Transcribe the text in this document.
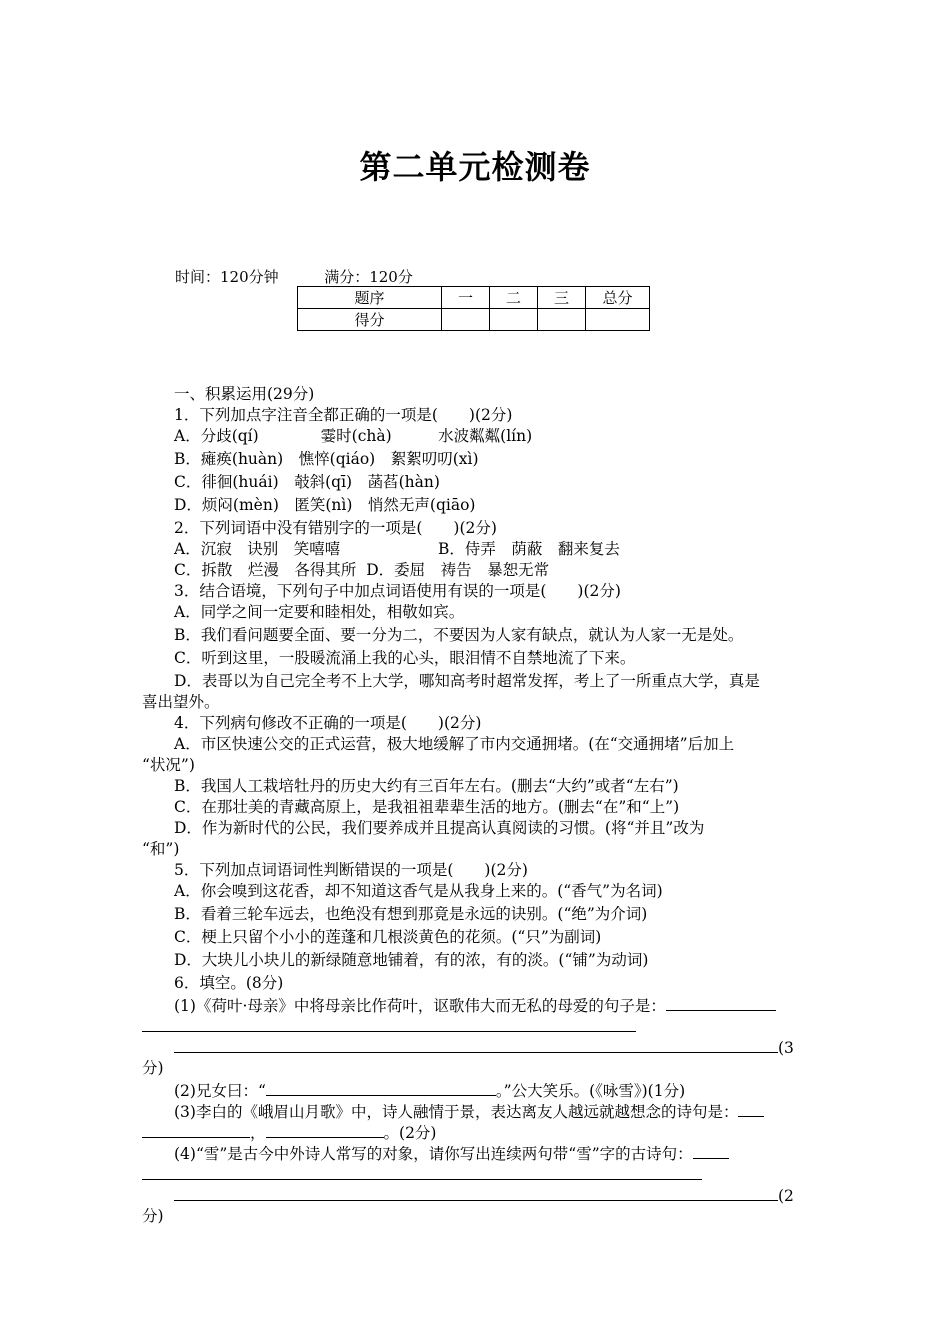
第二单元检测卷
时间：120分钟	满分：120分
题序	一	二	三	总分
得分				
一、积累运用(29分)
1．下列加点字注音全都正确的一项是(　　)(2分)
A．分歧(qí)　　　　霎时(chà)　　　水波粼粼(lín)
B．瘫痪(huàn)　憔悴(qiáo)　絮絮叨叨(xì)
C．徘徊(huái)　攲斜(qī)　菡萏(hàn)
D．烦闷(mèn)　匿笑(nì)　悄然无声(qiāo)
2．下列词语中没有错别字的一项是(　　)(2分)
A．沉寂　诀别　笑嘻嘻	B．侍弄　荫蔽　翻来复去
C．拆散　烂漫　各得其所 D．委屈　祷告　暴恕无常
3．结合语境，下列句子中加点词语使用有误的一项是(　　)(2分)
A．同学之间一定要和睦相处，相敬如宾。
B．我们看问题要全面、要一分为二，不要因为人家有缺点，就认为人家一无是处。
C．听到这里，一股暖流涌上我的心头，眼泪情不自禁地流了下来。
D．表哥以为自己完全考不上大学，哪知高考时超常发挥，考上了一所重点大学，真是
喜出望外。
4．下列病句修改不正确的一项是(　　)(2分)
A．市区快速公交的正式运营，极大地缓解了市内交通拥堵。(在“交通拥堵”后加上
“状况”)
B．我国人工栽培牡丹的历史大约有三百年左右。(删去“大约”或者“左右”)
C．在那壮美的青藏高原上，是我祖祖辈辈生活的地方。(删去“在”和“上”)
D．作为新时代的公民，我们要养成并且提高认真阅读的习惯。(将“并且”改为
“和”)
5．下列加点词语词性判断错误的一项是(　　)(2分)
A．你会嗅到这花香，却不知道这香气是从我身上来的。(“香气”为名词)
B．看着三轮车远去，也绝没有想到那竟是永远的诀别。(“绝”为介词)
C．梗上只留个小小的莲蓬和几根淡黄色的花须。(“只”为副词)
D．大块儿小块儿的新绿随意地铺着，有的浓，有的淡。(“铺”为动词)
6．填空。(8分)
(1)《荷叶·母亲》中将母亲比作荷叶，讴歌伟大而无私的母爱的句子是：
(3
分)
(2)兄女曰：“	。”公大笑乐。(《咏雪》)(1分)
(3)李白的《峨眉山月歌》中，诗人融情于景，表达离友人越远就越想念的诗句是：
，	。(2分)
(4)“雪”是古今中外诗人常写的对象，请你写出连续两句带“雪”字的古诗句：
(2
分)
